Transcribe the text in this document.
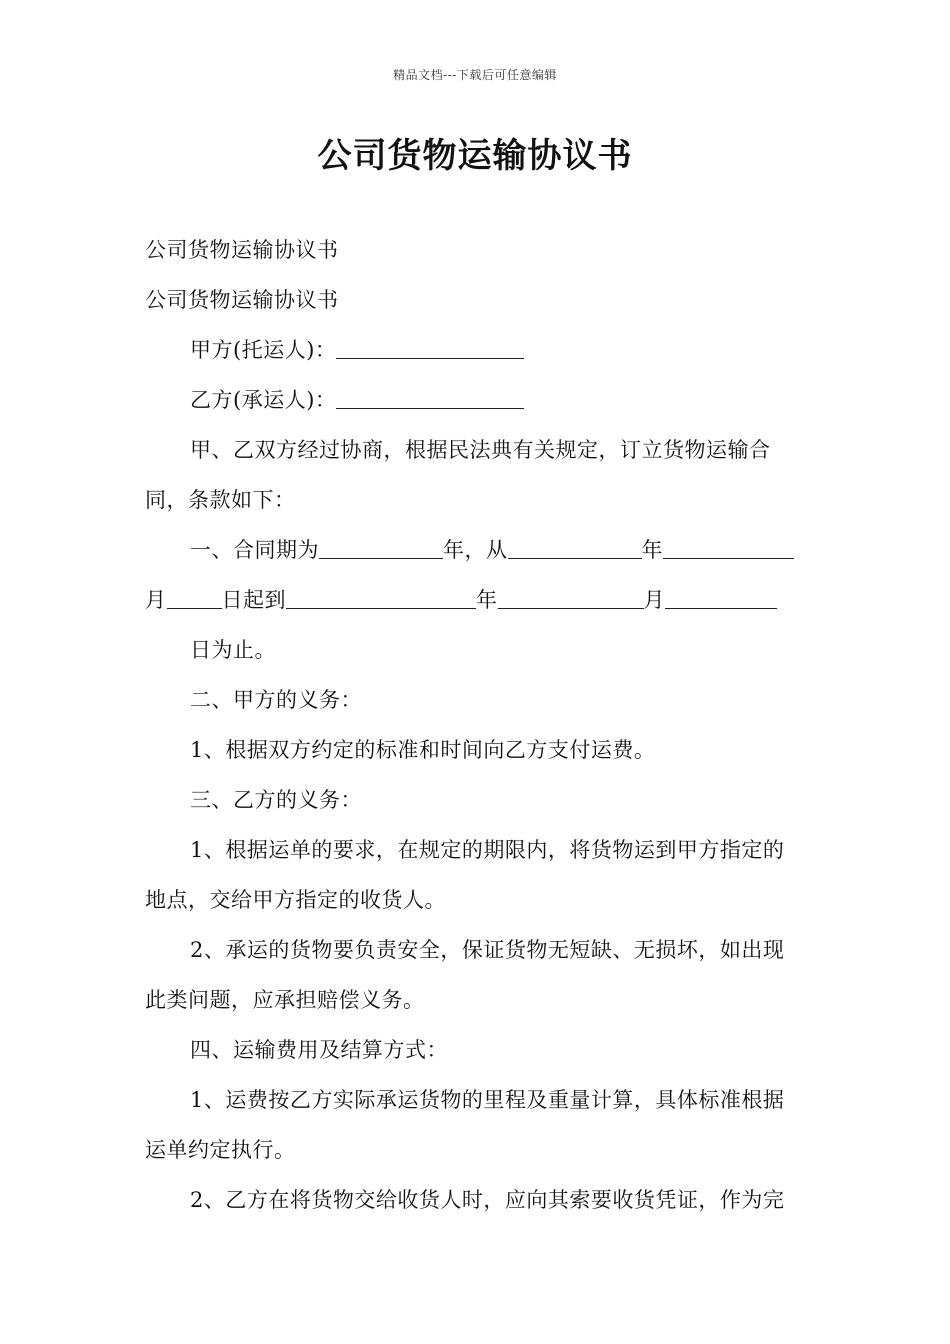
精品文档---下载后可任意编辑
公司货物运输协议书
公司货物运输协议书
公司货物运输协议书
甲方(托运人)：
乙方(承运人)：
甲、乙双方经过协商，根据民法典有关规定，订立货物运输合
同，条款如下：
一、合同期为	年，从	年
月	日起到	年	月
日为止。
二、甲方的义务：
1、根据双方约定的标准和时间向乙方支付运费。
三、乙方的义务：
1、根据运单的要求，在规定的期限内，将货物运到甲方指定的
地点，交给甲方指定的收货人。
2、承运的货物要负责安全，保证货物无短缺、无损坏，如出现
此类问题，应承担赔偿义务。
四、运输费用及结算方式：
1、运费按乙方实际承运货物的里程及重量计算，具体标准根据
运单约定执行。
2、乙方在将货物交给收货人时，应向其索要收货凭证，作为完
